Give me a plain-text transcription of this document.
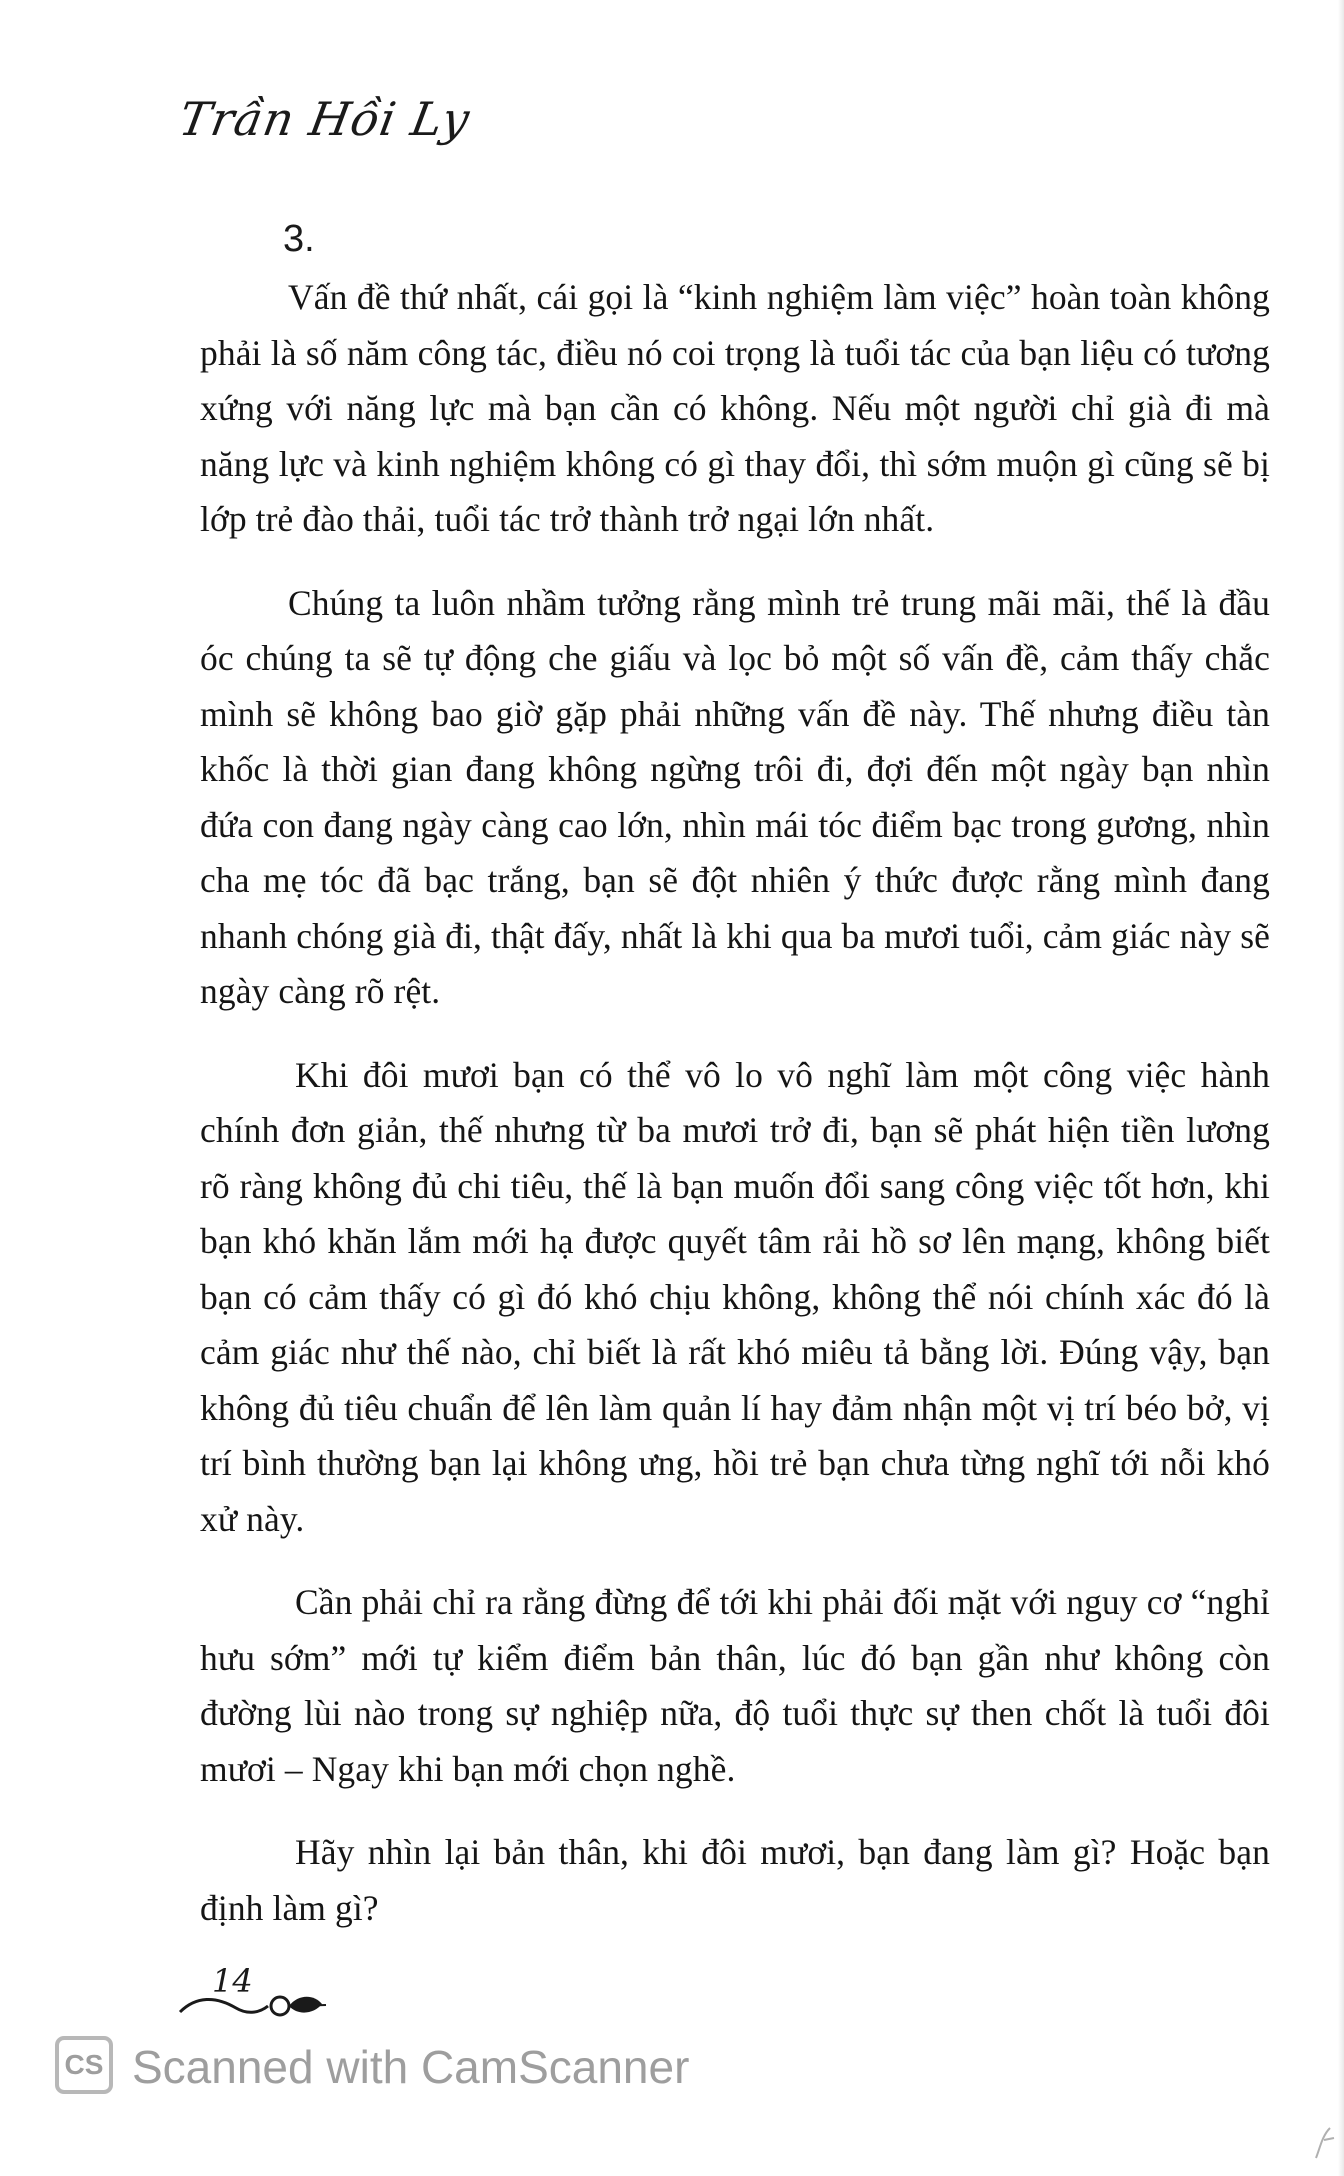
Trần Hồi Ly
3.

Vấn đề thứ nhất, cái gọi là “kinh nghiệm làm việc” hoàn toàn không phải là số năm công tác, điều nó coi trọng là tuổi tác của bạn liệu có tương xứng với năng lực mà bạn cần có không. Nếu một người chỉ già đi mà năng lực và kinh nghiệm không có gì thay đổi, thì sớm muộn gì cũng sẽ bị lớp trẻ đào thải, tuổi tác trở thành trở ngại lớn nhất.

Chúng ta luôn nhầm tưởng rằng mình trẻ trung mãi mãi, thế là đầu óc chúng ta sẽ tự động che giấu và lọc bỏ một số vấn đề, cảm thấy chắc mình sẽ không bao giờ gặp phải những vấn đề này. Thế nhưng điều tàn khốc là thời gian đang không ngừng trôi đi, đợi đến một ngày bạn nhìn đứa con đang ngày càng cao lớn, nhìn mái tóc điểm bạc trong gương, nhìn cha mẹ tóc đã bạc trắng, bạn sẽ đột nhiên ý thức được rằng mình đang nhanh chóng già đi, thật đấy, nhất là khi qua ba mươi tuổi, cảm giác này sẽ ngày càng rõ rệt.

Khi đôi mươi bạn có thể vô lo vô nghĩ làm một công việc hành chính đơn giản, thế nhưng từ ba mươi trở đi, bạn sẽ phát hiện tiền lương rõ ràng không đủ chi tiêu, thế là bạn muốn đổi sang công việc tốt hơn, khi bạn khó khăn lắm mới hạ được quyết tâm rải hồ sơ lên mạng, không biết bạn có cảm thấy có gì đó khó chịu không, không thể nói chính xác đó là cảm giác như thế nào, chỉ biết là rất khó miêu tả bằng lời. Đúng vậy, bạn không đủ tiêu chuẩn để lên làm quản lí hay đảm nhận một vị trí béo bở, vị trí bình thường bạn lại không ưng, hồi trẻ bạn chưa từng nghĩ tới nỗi khó xử này.

Cần phải chỉ ra rằng đừng để tới khi phải đối mặt với nguy cơ “nghỉ hưu sớm” mới tự kiểm điểm bản thân, lúc đó bạn gần như không còn đường lùi nào trong sự nghiệp nữa, độ tuổi thực sự then chốt là tuổi đôi mươi – Ngay khi bạn mới chọn nghề.

Hãy nhìn lại bản thân, khi đôi mươi, bạn đang làm gì? Hoặc bạn định làm gì?

14
CS Scanned with CamScanner
